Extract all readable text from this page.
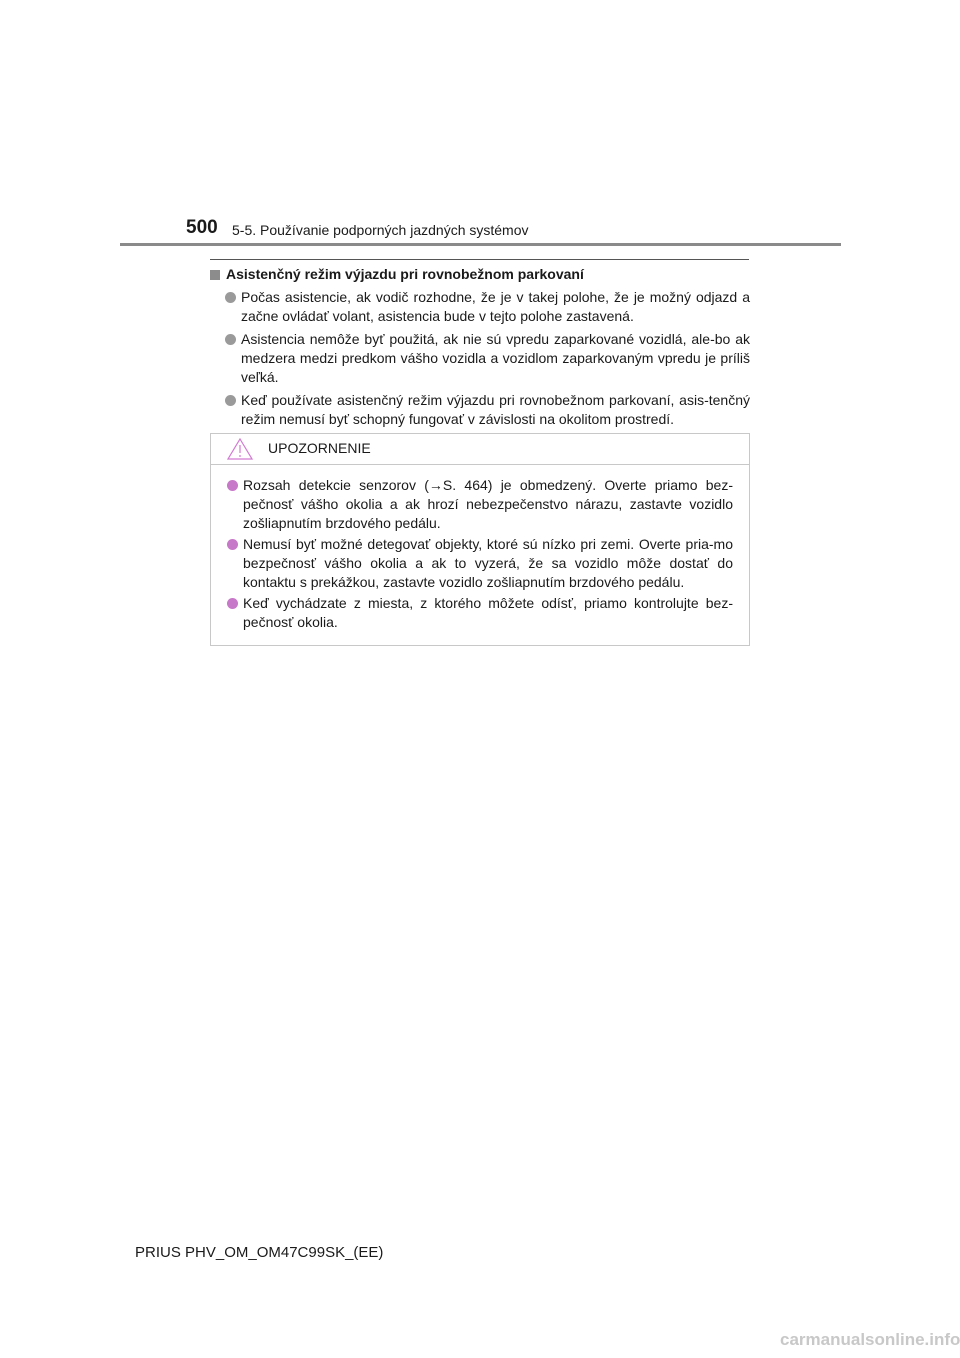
500 5-5. Používanie podporných jazdných systémov
Asistenčný režim výjazdu pri rovnobežnom parkovaní
Počas asistencie, ak vodič rozhodne, že je v takej polohe, že je možný odjazd a začne ovládať volant, asistencia bude v tejto polohe zastavená.
Asistencia nemôže byť použitá, ak nie sú vpredu zaparkované vozidlá, ale-bo ak medzera medzi predkom vášho vozidla a vozidlom zaparkovaným vpredu je príliš veľká.
Keď používate asistenčný režim výjazdu pri rovnobežnom parkovaní, asis-tenčný režim nemusí byť schopný fungovať v závislosti na okolitom prostredí.
UPOZORNENIE
Rozsah detekcie senzorov (→S. 464) je obmedzený. Overte priamo bez-pečnosť vášho okolia a ak hrozí nebezpečenstvo nárazu, zastavte vozidlo zošliapnutím brzdového pedálu.
Nemusí byť možné detegovať objekty, ktoré sú nízko pri zemi. Overte pria-mo bezpečnosť vášho okolia a ak to vyzerá, že sa vozidlo môže dostať do kontaktu s prekážkou, zastavte vozidlo zošliapnutím brzdového pedálu.
Keď vychádzate z miesta, z ktorého môžete odísť, priamo kontrolujte bez-pečnosť okolia.
PRIUS PHV_OM_OM47C99SK_(EE)
carmanualsonline.info
